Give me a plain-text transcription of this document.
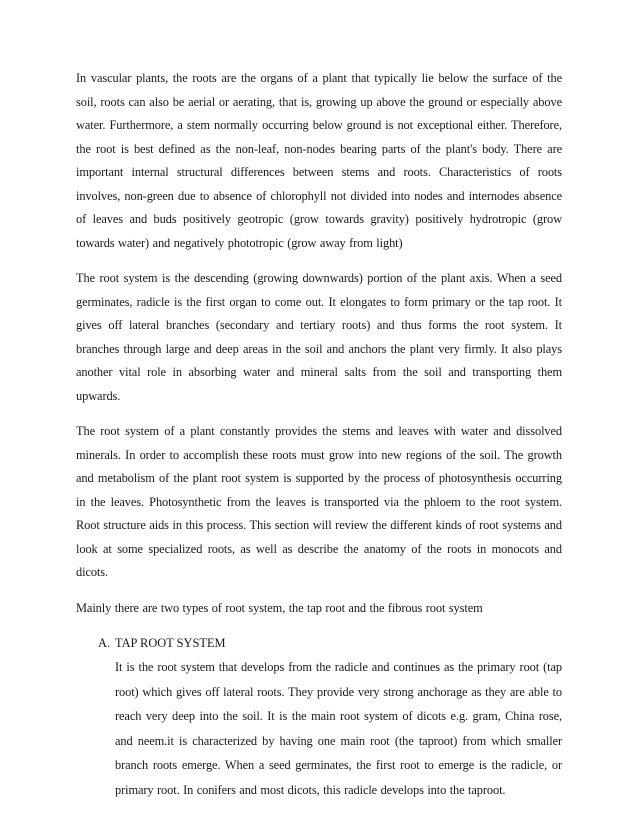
In vascular plants, the roots are the organs of a plant that typically lie below the surface of the soil, roots can also be aerial or aerating, that is, growing up above the ground or especially above water. Furthermore, a stem normally occurring below ground is not exceptional either. Therefore, the root is best defined as the non-leaf, non-nodes bearing parts of the plant's body. There are important internal structural differences between stems and roots. Characteristics of roots involves, non-green due to absence of chlorophyll not divided into nodes and internodes absence of leaves and buds positively geotropic (grow towards gravity) positively hydrotropic (grow towards water) and negatively phototropic (grow away from light)

The root system is the descending (growing downwards) portion of the plant axis. When a seed germinates, radicle is the first organ to come out. It elongates to form primary or the tap root. It gives off lateral branches (secondary and tertiary roots) and thus forms the root system. It branches through large and deep areas in the soil and anchors the plant very firmly. It also plays another vital role in absorbing water and mineral salts from the soil and transporting them upwards.

The root system of a plant constantly provides the stems and leaves with water and dissolved minerals. In order to accomplish these roots must grow into new regions of the soil. The growth and metabolism of the plant root system is supported by the process of photosynthesis occurring in the leaves. Photosynthetic from the leaves is transported via the phloem to the root system. Root structure aids in this process. This section will review the different kinds of root systems and look at some specialized roots, as well as describe the anatomy of the roots in monocots and dicots.

Mainly there are two types of root system, the tap root and the fibrous root system

A. TAP ROOT SYSTEM

It is the root system that develops from the radicle and continues as the primary root (tap root) which gives off lateral roots. They provide very strong anchorage as they are able to reach very deep into the soil. It is the main root system of dicots e.g. gram, China rose, and neem.it is characterized by having one main root (the taproot) from which smaller branch roots emerge. When a seed germinates, the first root to emerge is the radicle, or primary root. In conifers and most dicots, this radicle develops into the taproot.
